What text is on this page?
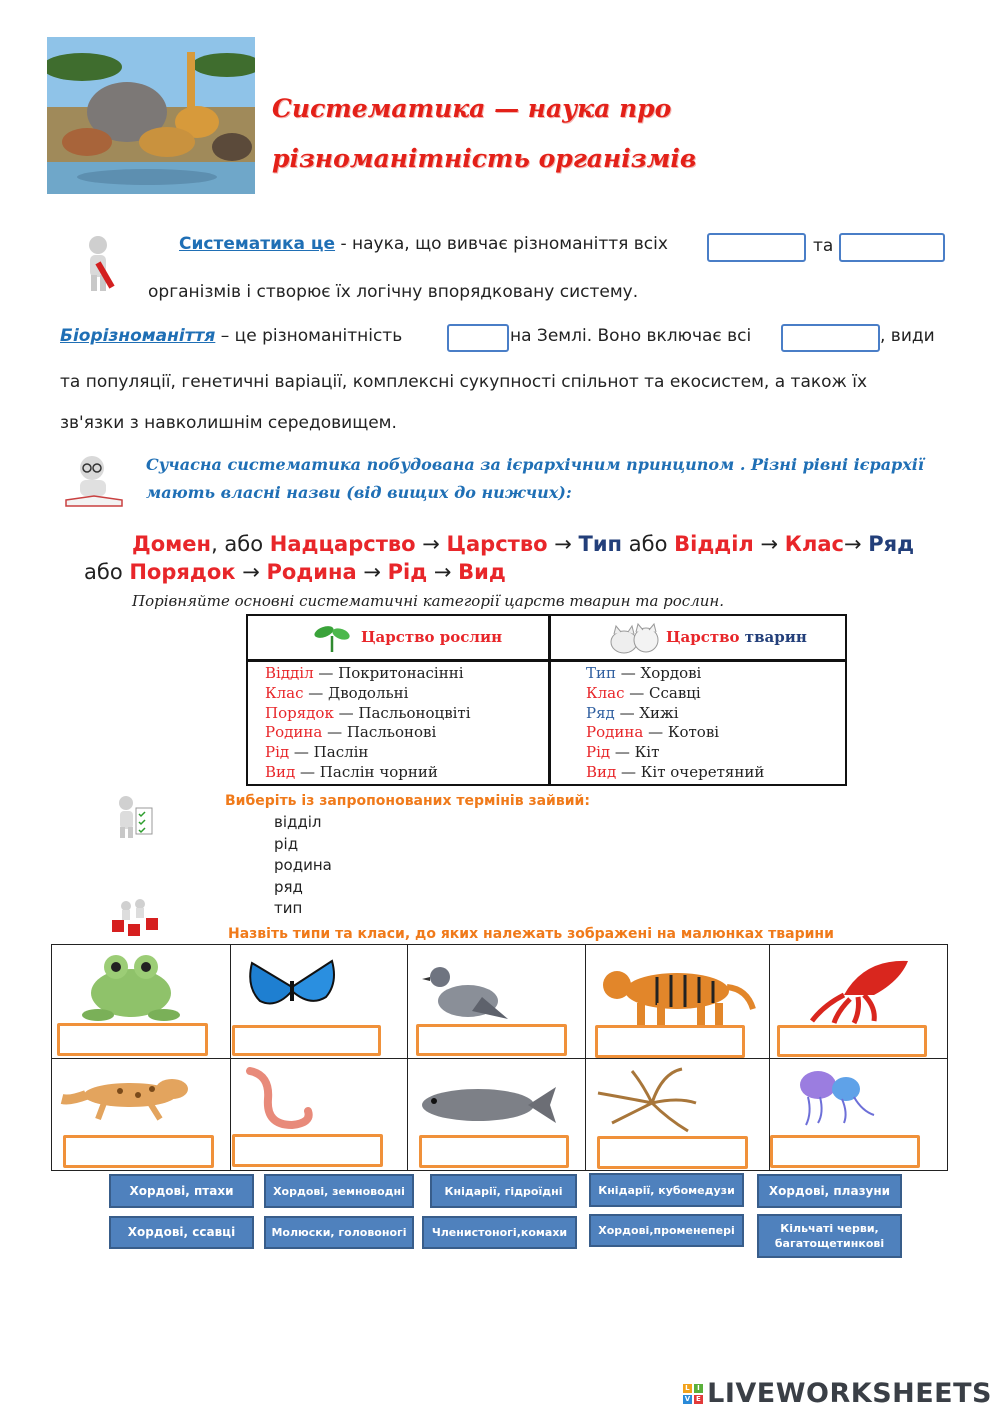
Систематика — наука про різноманітність організмів
Систематика це - наука, що вивчає різноманіття всіх	та
організмів і створює їх логічну впорядковану систему.
Біорізноманіття – це різноманітність	на Землі. Воно включає всі	, види
та популяції, генетичні варіації, комплексні сукупності спільнот та екосистем, а також їх
зв'язки з навколишнім середовищем.
Сучасна систематика побудована за ієрархічним принципом . Різні рівні ієрархії мають власні назви (від вищих до нижчих):
Домен, або Надцарство → Царство → Тип або Відділ → Клас→ Ряд
або Порядок → Родина → Рід → Вид
Порівняйте основні систематичні категорії царств тварин та рослин.
Царство рослин	Царство тварин
Відділ — Покритонасінні
Клас — Дводольні
Порядок — Пасльоноцвіті
Родина — Пасльонові
Рід — Паслін
Вид — Паслін чорний
Тип — Хордові
Клас — Ссавці
Ряд — Хижі
Родина — Котові
Рід — Кіт
Вид — Кіт очеретяний
Виберіть із запропонованих термінів зайвий:
відділ
рід
родина
ряд
тип
Назвіть типи та класи, до яких належать зображені на малюнках тварини
Хордові, птахи	Хордові, земноводні	Кнідарії, гідроїдні	Кнідарії, кубомедузи	Хордові, плазуни
Хордові, ссавці	Молюски, головоногі	Членистоногі,комахи	Хордові,променепері	Кільчаті черви, багатощетинкові
L I
V E LIVEWORKSHEETS
